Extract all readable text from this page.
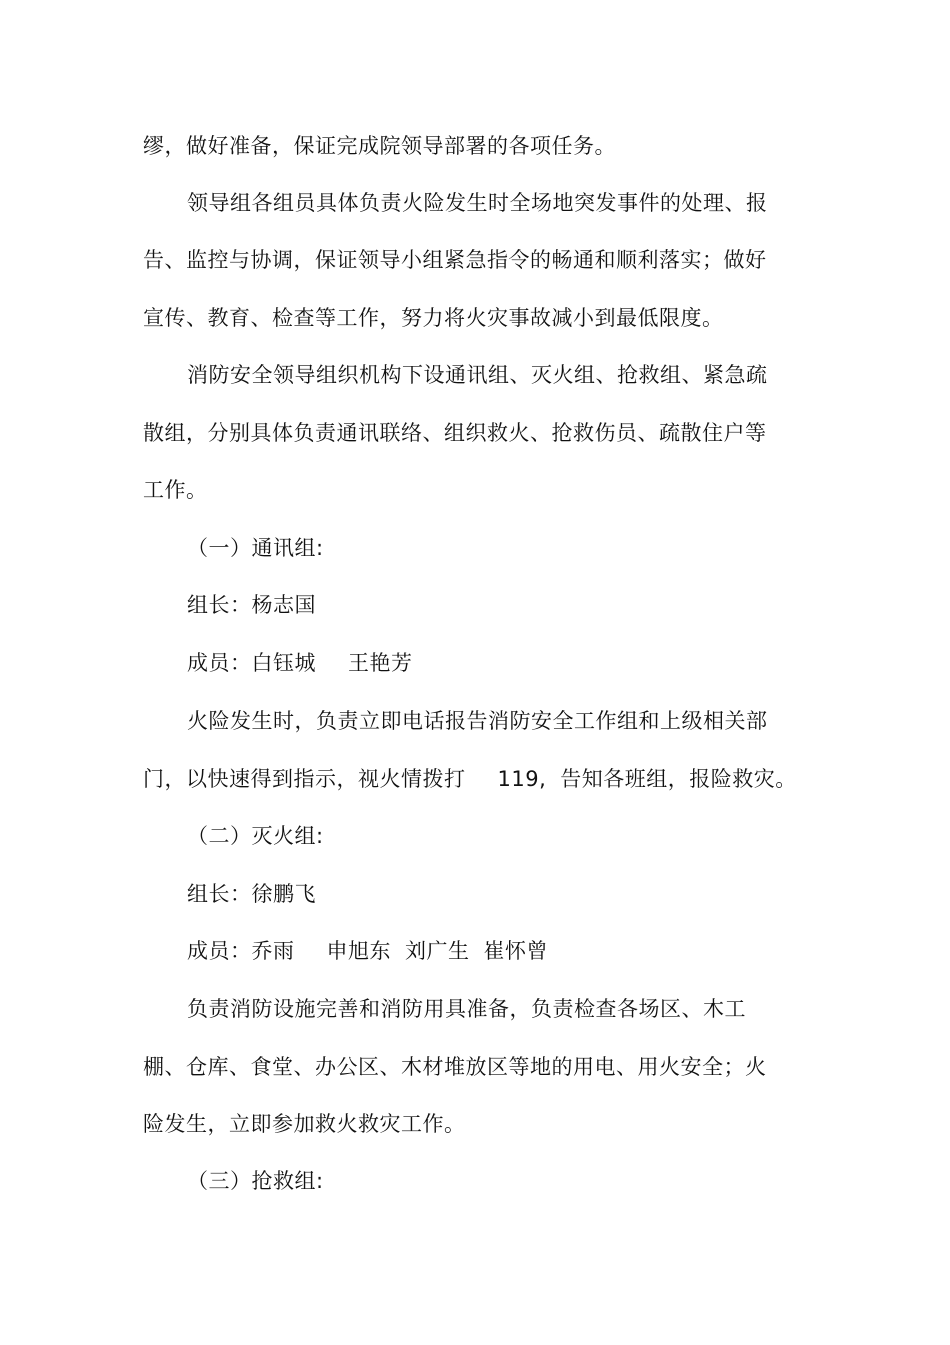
缪，做好准备，保证完成院领导部署的各项任务。
领导组各组员具体负责火险发生时全场地突发事件的处理、报
告、监控与协调，保证领导小组紧急指令的畅通和顺利落实；做好
宣传、教育、检查等工作，努力将火灾事故减小到最低限度。
消防安全领导组织机构下设通讯组、灭火组、抢救组、紧急疏
散组，分别具体负责通讯联络、组织救火、抢救伤员、疏散住户等
工作。
（一）通讯组:
组长：杨志国
成员：白钰城 王艳芳
火险发生时，负责立即电话报告消防安全工作组和上级相关部
门，以快速得到指示，视火情拨打 119, 告知各班组，报险救灾。
（二）灭火组:
组长：徐鹏飞
成员：乔雨 申旭东 刘广生 崔怀曾
负责消防设施完善和消防用具准备，负责检查各场区、木工
棚、仓库、食堂、办公区、木材堆放区等地的用电、用火安全；火
险发生，立即参加救火救灾工作。
（三）抢救组:
